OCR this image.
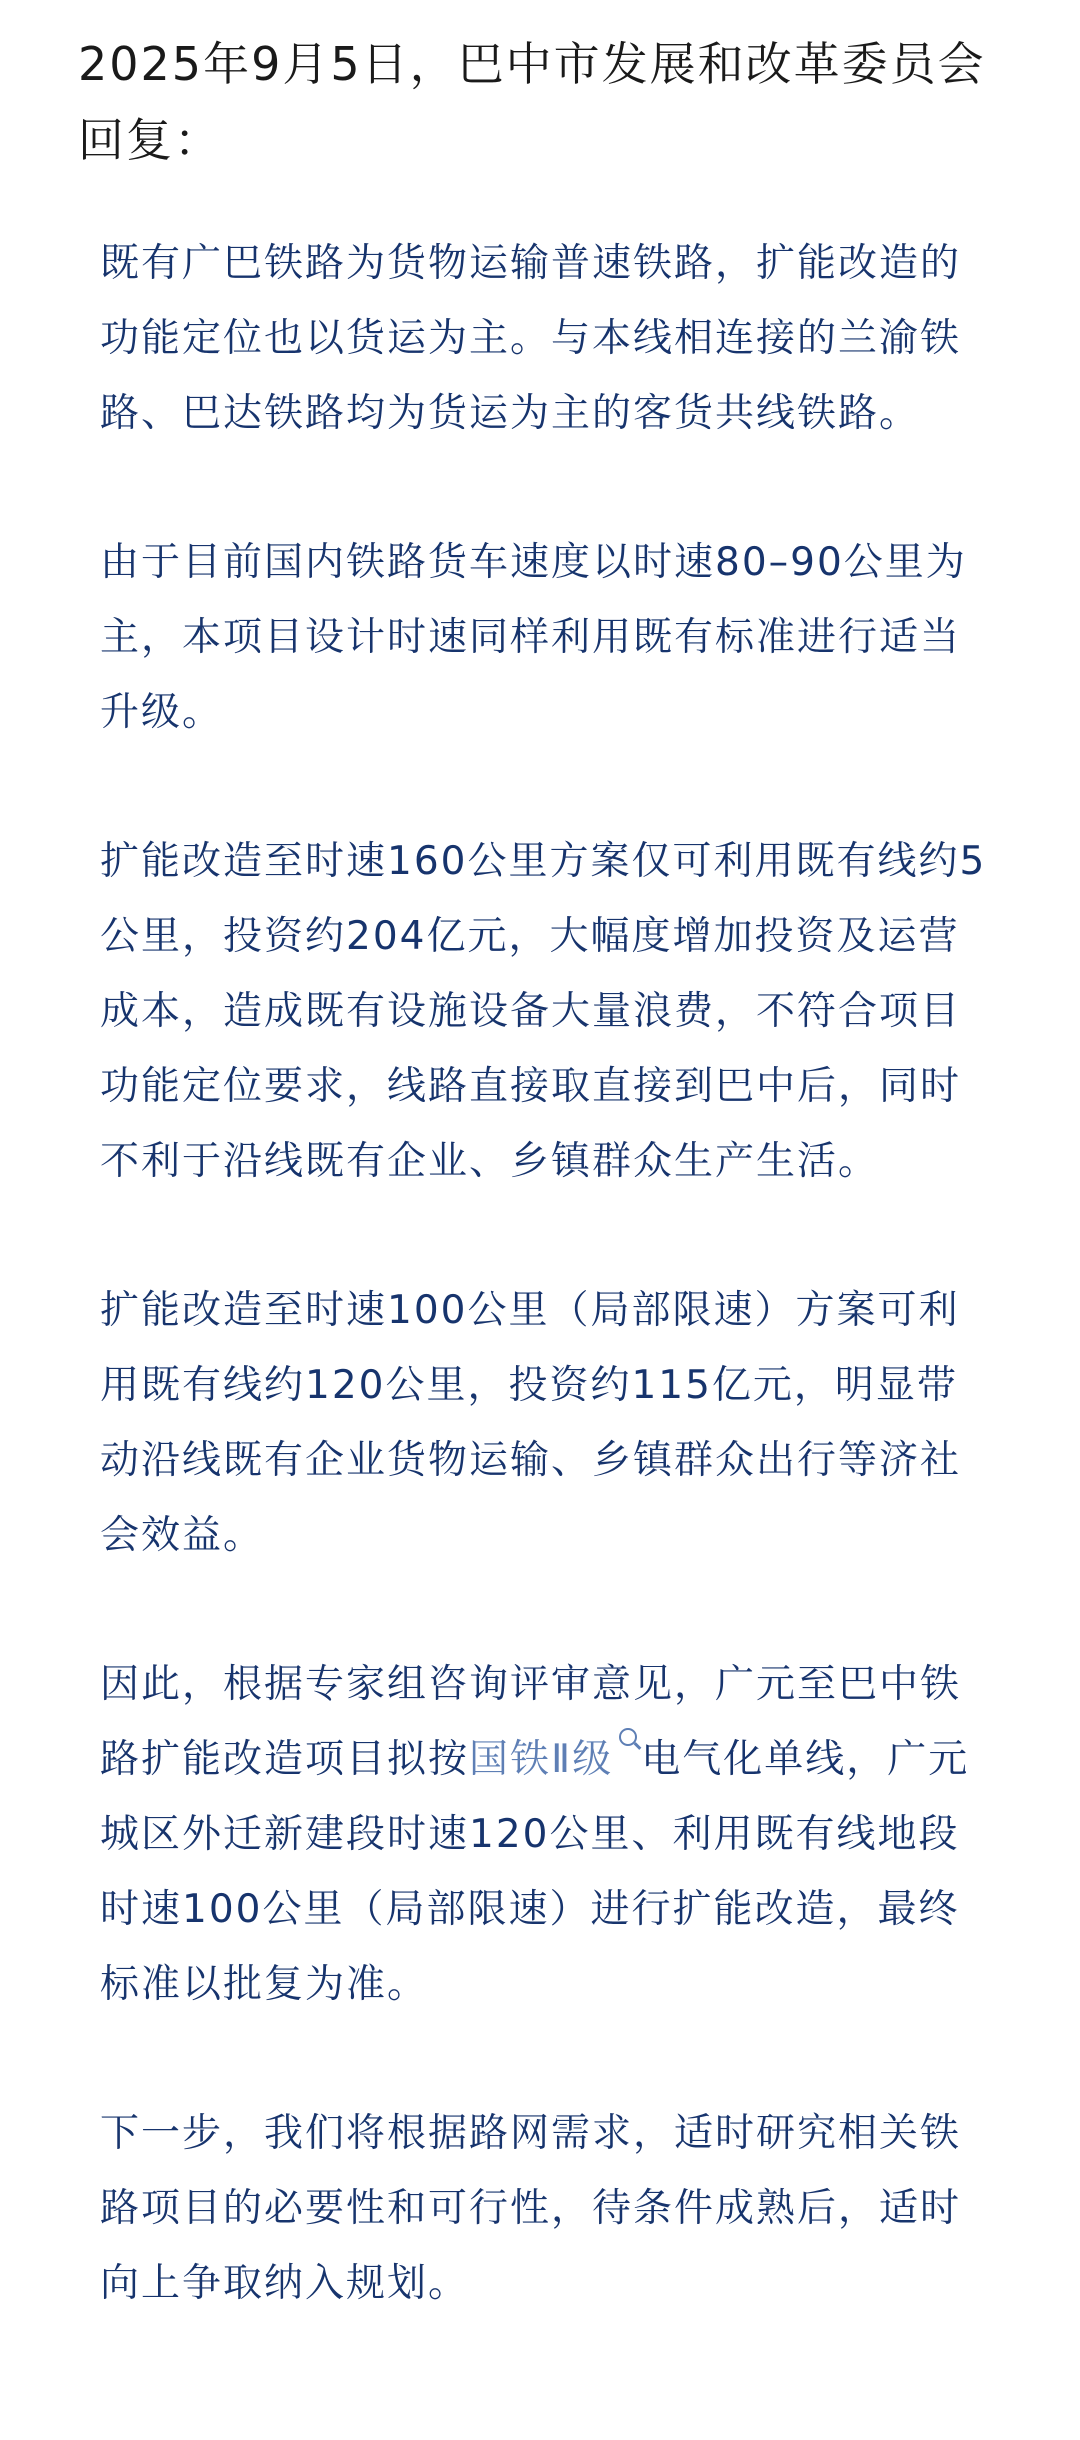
2025年9月5日，巴中市发展和改革委员会回复：

既有广巴铁路为货物运输普速铁路，扩能改造的功能定位也以货运为主。与本线相连接的兰渝铁路、巴达铁路均为货运为主的客货共线铁路。

由于目前国内铁路货车速度以时速80–90公里为主，本项目设计时速同样利用既有标准进行适当升级。

扩能改造至时速160公里方案仅可利用既有线约5公里，投资约204亿元，大幅度增加投资及运营成本，造成既有设施设备大量浪费，不符合项目功能定位要求，线路直接取直接到巴中后，同时不利于沿线既有企业、乡镇群众生产生活。

扩能改造至时速100公里（局部限速）方案可利用既有线约120公里，投资约115亿元，明显带动沿线既有企业货物运输、乡镇群众出行等济社会效益。

因此，根据专家组咨询评审意见，广元至巴中铁路扩能改造项目拟按国铁Ⅱ级 电气化单线，广元城区外迁新建段时速120公里、利用既有线地段时速100公里（局部限速）进行扩能改造，最终标准以批复为准。

下一步，我们将根据路网需求，适时研究相关铁路项目的必要性和可行性，待条件成熟后，适时向上争取纳入规划。
